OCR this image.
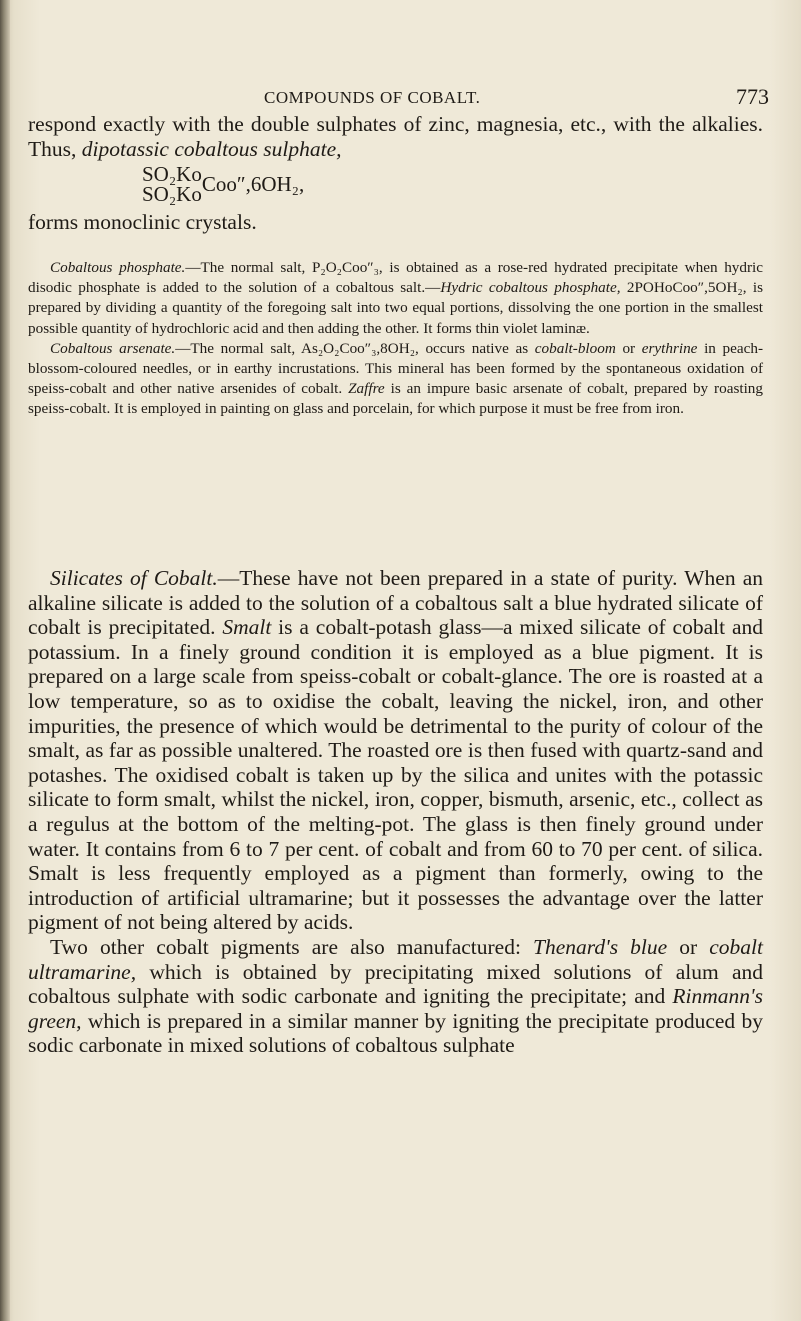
COMPOUNDS OF COBALT.	773

respond exactly with the double sulphates of zinc, magnesia, etc., with the alkalies. Thus, dipotassic cobaltous sulphate,

SO₂Ko
SO₂Ko Coo″,6OH₂,

forms monoclinic crystals.

Cobaltous phosphate.—The normal salt, P₂O₂Coo″₃, is obtained as a rose-red hydrated precipitate when hydric disodic phosphate is added to the solution of a cobaltous salt.—Hydric cobaltous phosphate, 2POHoCoo″,5OH₂, is prepared by dividing a quantity of the foregoing salt into two equal portions, dissolving the one portion in the smallest possible quantity of hydrochloric acid and then adding the other. It forms thin violet laminæ.

Cobaltous arsenate.—The normal salt, As₂O₂Coo″₃,8OH₂, occurs native as cobalt-bloom or erythrine in peach-blossom-coloured needles, or in earthy incrustations. This mineral has been formed by the spontaneous oxidation of speiss-cobalt and other native arsenides of cobalt. Zaffre is an impure basic arsenate of cobalt, prepared by roasting speiss-cobalt. It is employed in painting on glass and porcelain, for which purpose it must be free from iron.

Silicates of Cobalt.—These have not been prepared in a state of purity. When an alkaline silicate is added to the solution of a cobaltous salt a blue hydrated silicate of cobalt is precipitated. Smalt is a cobalt-potash glass—a mixed silicate of cobalt and potassium. In a finely ground condition it is employed as a blue pigment. It is prepared on a large scale from speiss-cobalt or cobalt-glance. The ore is roasted at a low temperature, so as to oxidise the cobalt, leaving the nickel, iron, and other impurities, the presence of which would be detrimental to the purity of colour of the smalt, as far as possible unaltered. The roasted ore is then fused with quartz-sand and potashes. The oxidised cobalt is taken up by the silica and unites with the potassic silicate to form smalt, whilst the nickel, iron, copper, bismuth, arsenic, etc., collect as a regulus at the bottom of the melting-pot. The glass is then finely ground under water. It contains from 6 to 7 per cent. of cobalt and from 60 to 70 per cent. of silica. Smalt is less frequently employed as a pigment than formerly, owing to the introduction of artificial ultramarine; but it possesses the advantage over the latter pigment of not being altered by acids.

Two other cobalt pigments are also manufactured: Thenard's blue or cobalt ultramarine, which is obtained by precipitating mixed solutions of alum and cobaltous sulphate with sodic carbonate and igniting the precipitate; and Rinmann's green, which is prepared in a similar manner by igniting the precipitate produced by sodic carbonate in mixed solutions of cobaltous sulphate
